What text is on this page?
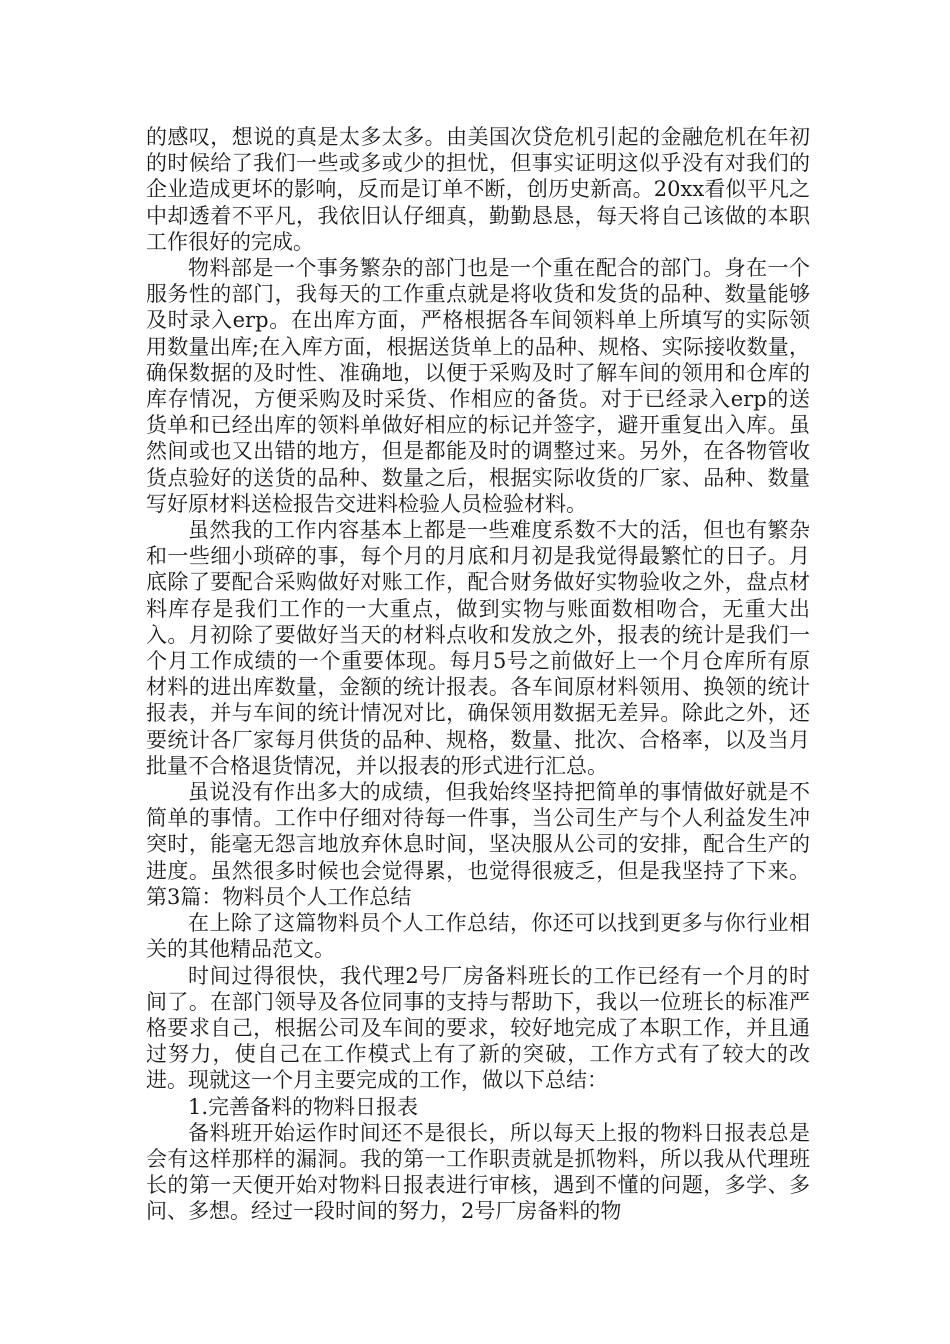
的感叹，想说的真是太多太多。由美国次贷危机引起的金融危机在年初的时候给了我们一些或多或少的担忧，但事实证明这似乎没有对我们的企业造成更坏的影响，反而是订单不断，创历史新高。20xx看似平凡之中却透着不平凡，我依旧认仔细真，勤勤恳恳，每天将自己该做的本职工作很好的完成。

物料部是一个事务繁杂的部门也是一个重在配合的部门。身在一个服务性的部门，我每天的工作重点就是将收货和发货的品种、数量能够及时录入erp。在出库方面，严格根据各车间领料单上所填写的实际领用数量出库;在入库方面，根据送货单上的品种、规格、实际接收数量，确保数据的及时性、准确地，以便于采购及时了解车间的领用和仓库的库存情况，方便采购及时采货、作相应的备货。对于已经录入erp的送货单和已经出库的领料单做好相应的标记并签字，避开重复出入库。虽然间或也又出错的地方，但是都能及时的调整过来。另外，在各物管收货点验好的送货的品种、数量之后，根据实际收货的厂家、品种、数量写好原材料送检报告交进料检验人员检验材料。

虽然我的工作内容基本上都是一些难度系数不大的活，但也有繁杂和一些细小琐碎的事，每个月的月底和月初是我觉得最繁忙的日子。月底除了要配合采购做好对账工作，配合财务做好实物验收之外，盘点材料库存是我们工作的一大重点，做到实物与账面数相吻合，无重大出入。月初除了要做好当天的材料点收和发放之外，报表的统计是我们一个月工作成绩的一个重要体现。每月5号之前做好上一个月仓库所有原材料的进出库数量，金额的统计报表。各车间原材料领用、换领的统计报表，并与车间的统计情况对比，确保领用数据无差异。除此之外，还要统计各厂家每月供货的品种、规格，数量、批次、合格率，以及当月批量不合格退货情况，并以报表的形式进行汇总。

虽说没有作出多大的成绩，但我始终坚持把简单的事情做好就是不简单的事情。工作中仔细对待每一件事，当公司生产与个人利益发生冲突时，能毫无怨言地放弃休息时间，坚决服从公司的安排，配合生产的进度。虽然很多时候也会觉得累，也觉得很疲乏，但是我坚持了下来。第3篇：物料员个人工作总结

在上除了这篇物料员个人工作总结，你还可以找到更多与你行业相关的其他精品范文。

时间过得很快，我代理2号厂房备料班长的工作已经有一个月的时间了。在部门领导及各位同事的支持与帮助下，我以一位班长的标准严格要求自己，根据公司及车间的要求，较好地完成了本职工作，并且通过努力，使自己在工作模式上有了新的突破，工作方式有了较大的改进。现就这一个月主要完成的工作，做以下总结：

1.完善备料的物料日报表

备料班开始运作时间还不是很长，所以每天上报的物料日报表总是会有这样那样的漏洞。我的第一工作职责就是抓物料，所以我从代理班长的第一天便开始对物料日报表进行审核，遇到不懂的问题，多学、多问、多想。经过一段时间的努力，2号厂房备料的物
